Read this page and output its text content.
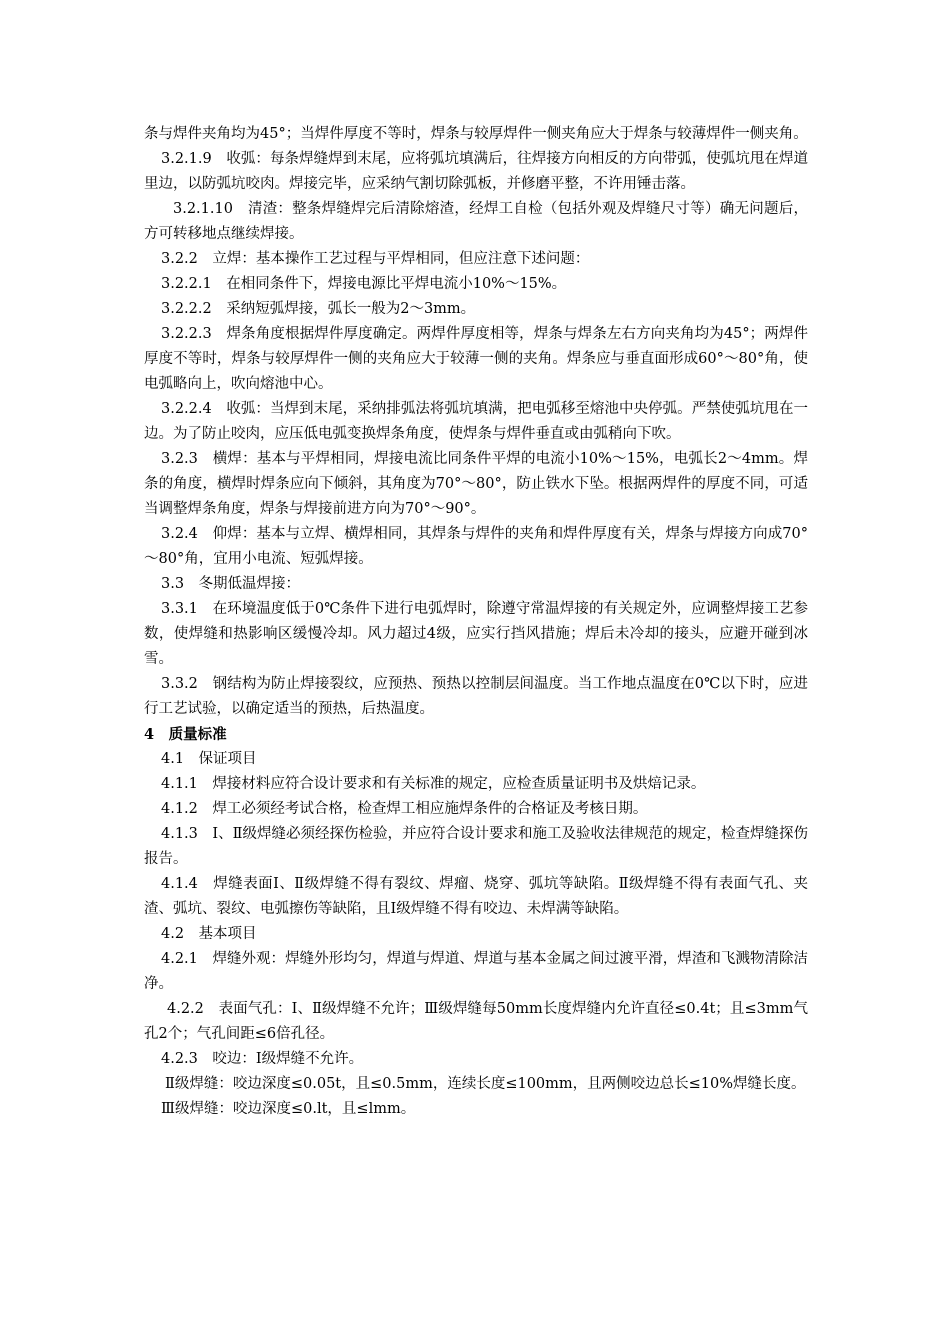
条与焊件夹角均为45°；当焊件厚度不等时，焊条与较厚焊件一侧夹角应大于焊条与较薄焊件一侧夹角。

3.2.1.9　收弧：每条焊缝焊到末尾，应将弧坑填满后，往焊接方向相反的方向带弧，使弧坑甩在焊道里边，以防弧坑咬肉。焊接完毕，应采纳气割切除弧板，并修磨平整，不许用锤击落。

3.2.1.10　清渣：整条焊缝焊完后清除熔渣，经焊工自检（包括外观及焊缝尺寸等）确无问题后，方可转移地点继续焊接。

3.2.2　立焊：基本操作工艺过程与平焊相同，但应注意下述问题：

3.2.2.1　在相同条件下，焊接电源比平焊电流小10%～15%。

3.2.2.2　采纳短弧焊接，弧长一般为2～3mm。

3.2.2.3　焊条角度根据焊件厚度确定。两焊件厚度相等，焊条与焊条左右方向夹角均为45°；两焊件厚度不等时，焊条与较厚焊件一侧的夹角应大于较薄一侧的夹角。焊条应与垂直面形成60°～80°角，使电弧略向上，吹向熔池中心。

3.2.2.4　收弧：当焊到末尾，采纳排弧法将弧坑填满，把电弧移至熔池中央停弧。严禁使弧坑甩在一边。为了防止咬肉，应压低电弧变换焊条角度，使焊条与焊件垂直或由弧稍向下吹。

3.2.3　横焊：基本与平焊相同，焊接电流比同条件平焊的电流小10%～15%，电弧长2～4mm。焊条的角度，横焊时焊条应向下倾斜，其角度为70°～80°，防止铁水下坠。根据两焊件的厚度不同，可适当调整焊条角度，焊条与焊接前进方向为70°～90°。

3.2.4　仰焊：基本与立焊、横焊相同，其焊条与焊件的夹角和焊件厚度有关，焊条与焊接方向成70°～80°角，宜用小电流、短弧焊接。

3.3　冬期低温焊接：

3.3.1　在环境温度低于0℃条件下进行电弧焊时，除遵守常温焊接的有关规定外，应调整焊接工艺参数，使焊缝和热影响区缓慢冷却。风力超过4级，应实行挡风措施；焊后未冷却的接头，应避开碰到冰雪。

3.3.2　钢结构为防止焊接裂纹，应预热、预热以控制层间温度。当工作地点温度在0℃以下时，应进行工艺试验，以确定适当的预热，后热温度。

4　质量标准

4.1　保证项目

4.1.1　焊接材料应符合设计要求和有关标准的规定，应检查质量证明书及烘焙记录。

4.1.2　焊工必须经考试合格，检查焊工相应施焊条件的合格证及考核日期。

4.1.3　Ⅰ、Ⅱ级焊缝必须经探伤检验，并应符合设计要求和施工及验收法律规范的规定，检查焊缝探伤报告。

4.1.4　焊缝表面Ⅰ、Ⅱ级焊缝不得有裂纹、焊瘤、烧穿、弧坑等缺陷。Ⅱ级焊缝不得有表面气孔、夹渣、弧坑、裂纹、电弧擦伤等缺陷，且Ⅰ级焊缝不得有咬边、未焊满等缺陷。

4.2　基本项目

4.2.1　焊缝外观：焊缝外形均匀，焊道与焊道、焊道与基本金属之间过渡平滑，焊渣和飞溅物清除洁净。

4.2.2　表面气孔：Ⅰ、Ⅱ级焊缝不允许；Ⅲ级焊缝每50mm长度焊缝内允许直径≤0.4t；且≤3mm气孔2个；气孔间距≤6倍孔径。

4.2.3　咬边：Ⅰ级焊缝不允许。

Ⅱ级焊缝：咬边深度≤0.05t，且≤0.5mm，连续长度≤100mm，且两侧咬边总长≤10%焊缝长度。

Ⅲ级焊缝：咬边深度≤0.lt，且≤lmm。
